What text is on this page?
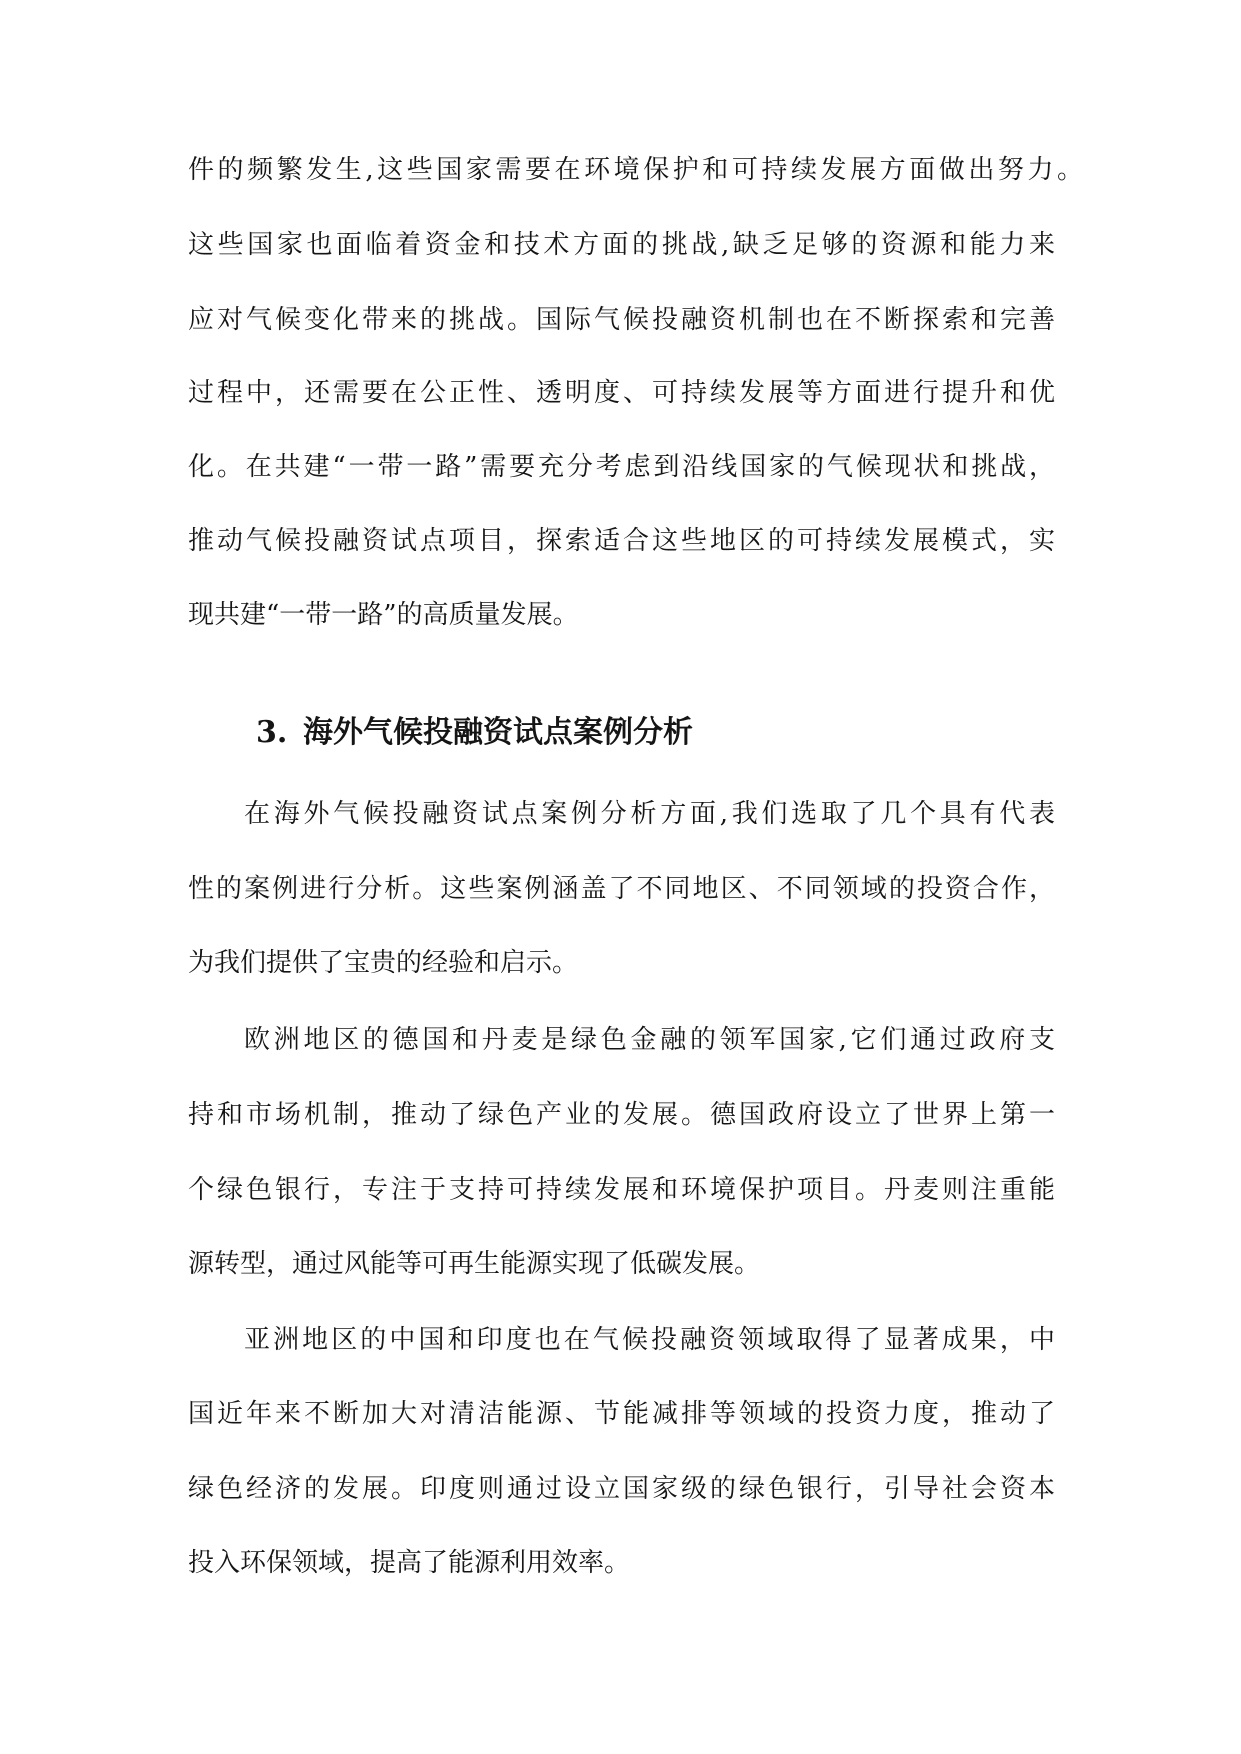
件的频繁发生,这些国家需要在环境保护和可持续发展方面做出努力。
这些国家也面临着资金和技术方面的挑战,缺乏足够的资源和能力来
应对气候变化带来的挑战。国际气候投融资机制也在不断探索和完善
过程中，还需要在公正性、透明度、可持续发展等方面进行提升和优
化。在共建“一带一路”需要充分考虑到沿线国家的气候现状和挑战，
推动气候投融资试点项目，探索适合这些地区的可持续发展模式，实
现共建“一带一路”的高质量发展。
3. 海外气候投融资试点案例分析
在海外气候投融资试点案例分析方面,我们选取了几个具有代表
性的案例进行分析。这些案例涵盖了不同地区、不同领域的投资合作，
为我们提供了宝贵的经验和启示。
欧洲地区的德国和丹麦是绿色金融的领军国家,它们通过政府支
持和市场机制，推动了绿色产业的发展。德国政府设立了世界上第一
个绿色银行，专注于支持可持续发展和环境保护项目。丹麦则注重能
源转型，通过风能等可再生能源实现了低碳发展。
亚洲地区的中国和印度也在气候投融资领域取得了显著成果，中
国近年来不断加大对清洁能源、节能减排等领域的投资力度，推动了
绿色经济的发展。印度则通过设立国家级的绿色银行，引导社会资本
投入环保领域，提高了能源利用效率。
